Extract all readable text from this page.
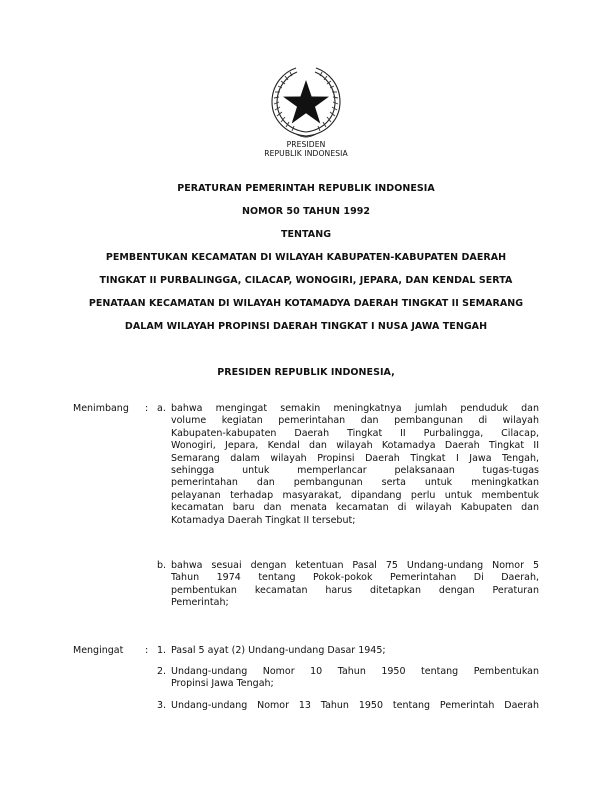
PRESIDEN
REPUBLIK INDONESIA
PERATURAN PEMERINTAH REPUBLIK INDONESIA
NOMOR 50 TAHUN 1992
TENTANG
PEMBENTUKAN KECAMATAN DI WILAYAH KABUPATEN-KABUPATEN DAERAH
TINGKAT II PURBALINGGA, CILACAP, WONOGIRI, JEPARA, DAN KENDAL SERTA
PENATAAN KECAMATAN DI WILAYAH KOTAMADYA DAERAH TINGKAT II SEMARANG
DALAM WILAYAH PROPINSI DAERAH TINGKAT I NUSA JAWA TENGAH
PRESIDEN REPUBLIK INDONESIA,
Menimbang : a. bahwa mengingat semakin meningkatnya jumlah penduduk dan
volume kegiatan pemerintahan dan pembangunan di wilayah
Kabupaten-kabupaten Daerah Tingkat II Purbalingga, Cilacap,
Wonogiri, Jepara, Kendal dan wilayah Kotamadya Daerah Tingkat II
Semarang dalam wilayah Propinsi Daerah Tingkat I Jawa Tengah,
sehingga untuk memperlancar pelaksanaan tugas-tugas
pemerintahan dan pembangunan serta untuk meningkatkan
pelayanan terhadap masyarakat, dipandang perlu untuk membentuk
kecamatan baru dan menata kecamatan di wilayah Kabupaten dan
Kotamadya Daerah Tingkat II tersebut;
b. bahwa sesuai dengan ketentuan Pasal 75 Undang-undang Nomor 5
Tahun 1974 tentang Pokok-pokok Pemerintahan Di Daerah,
pembentukan kecamatan harus ditetapkan dengan Peraturan
Pemerintah;
Mengingat : 1. Pasal 5 ayat (2) Undang-undang Dasar 1945;
2. Undang-undang Nomor 10 Tahun 1950 tentang Pembentukan
Propinsi Jawa Tengah;
3. Undang-undang Nomor 13 Tahun 1950 tentang Pemerintah Daerah
